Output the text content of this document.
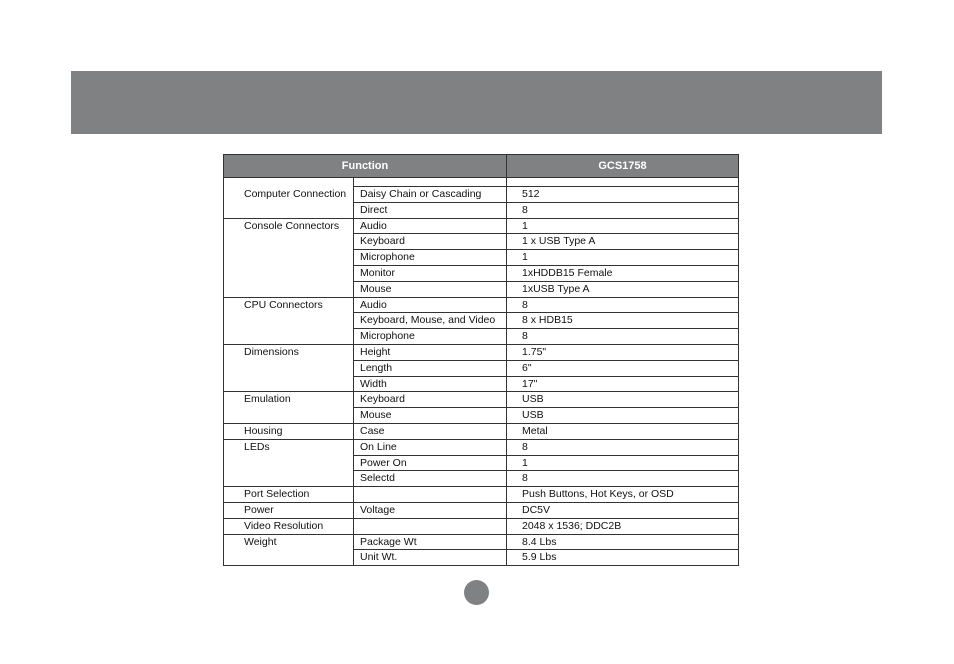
Function		GCS1758

Computer Connection	Daisy Chain or Cascading	512
	Direct	8
Console Connectors	Audio	1
	Keyboard	1 x USB Type A
	Microphone	1
	Monitor	1xHDDB15 Female
	Mouse	1xUSB Type A
CPU Connectors	Audio	8
	Keyboard, Mouse, and Video	8 x HDB15
	Microphone	8
Dimensions	Height	1.75"
	Length	6"
	Width	17"
Emulation	Keyboard	USB
	Mouse	USB
Housing	Case	Metal
LEDs	On Line	8
	Power On	1
	Selectd	8
Port Selection		Push Buttons, Hot Keys, or OSD
Power	Voltage	DC5V
Video Resolution		2048 x 1536; DDC2B
Weight	Package Wt	8.4 Lbs
	Unit Wt.	5.9 Lbs
